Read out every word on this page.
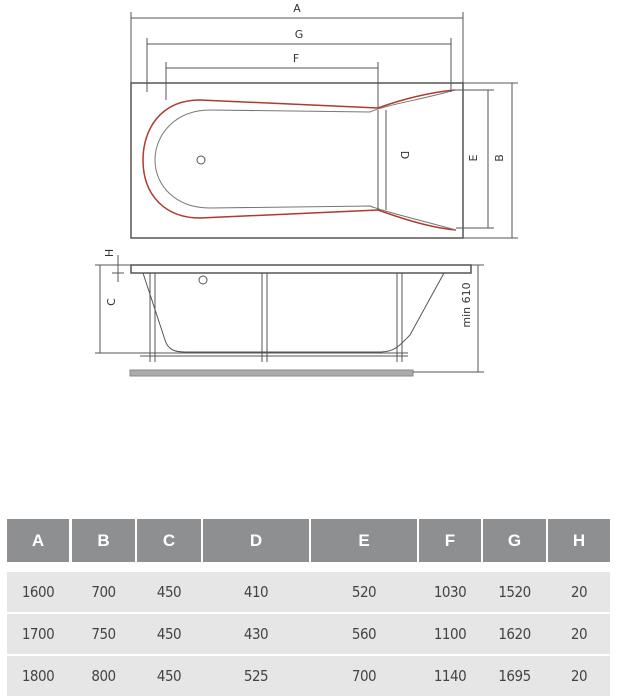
A
G
F
D	E B
H
C	min 610
A	B	C	D	E	F	G	H
1600	700	450	410	520	1030	1520	20
1700	750	450	430	560	1100	1620	20
1800	800	450	525	700	1140	1695	20
